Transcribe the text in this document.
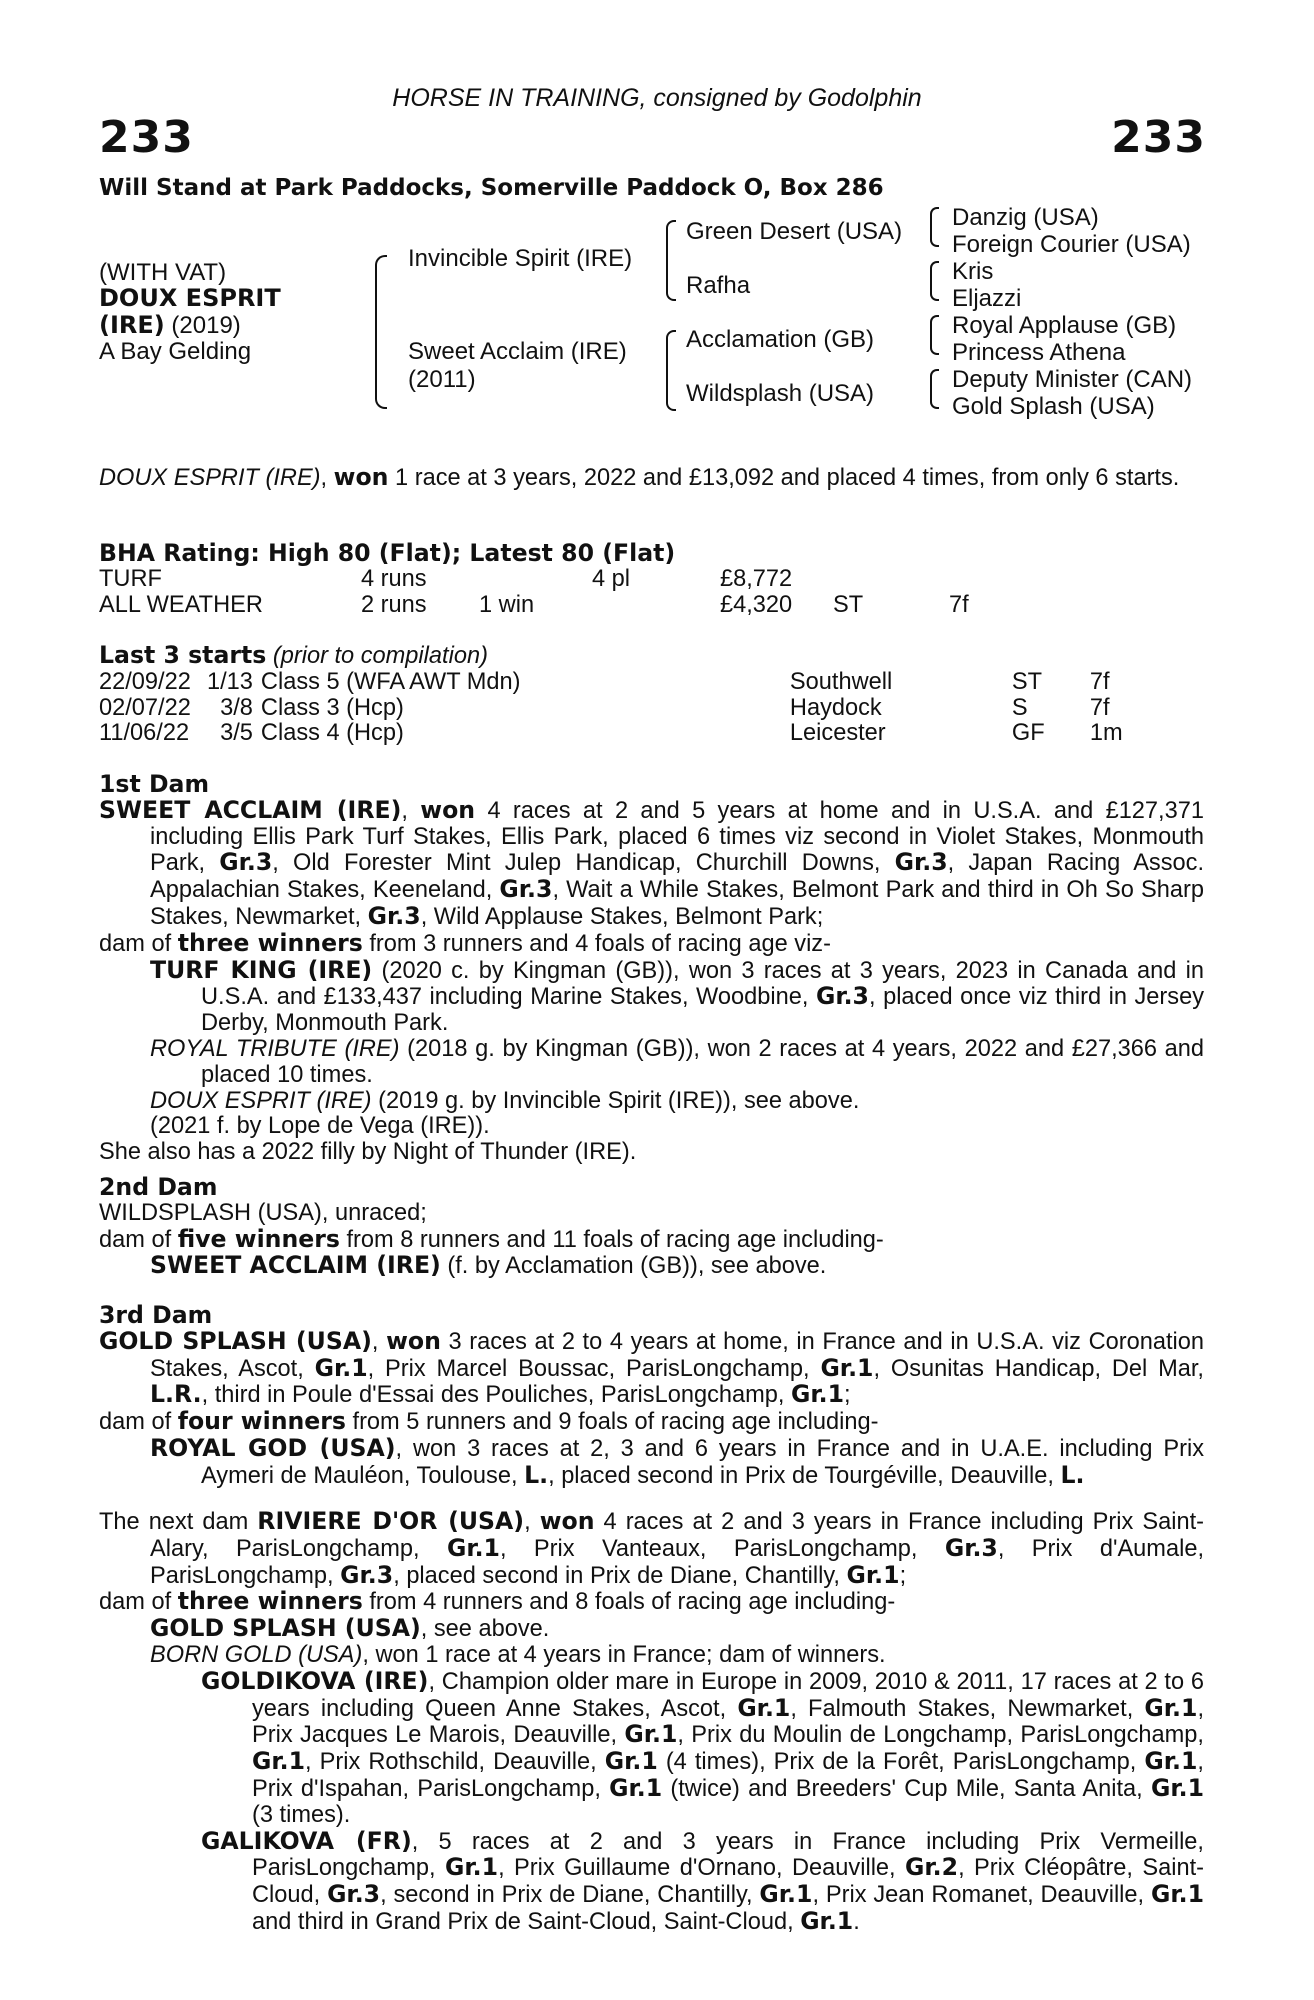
HORSE IN TRAINING, consigned by Godolphin
233	233
Will Stand at Park Paddocks, Somerville Paddock O, Box 286
(WITH VAT)
DOUX ESPRIT
(IRE) (2019)
A Bay Gelding
Invincible Spirit (IRE)
Sweet Acclaim (IRE)
(2011)
Green Desert (USA)
Rafha
Acclamation (GB)
Wildsplash (USA)
Danzig (USA)
Foreign Courier (USA)
Kris
Eljazzi
Royal Applause (GB)
Princess Athena
Deputy Minister (CAN)
Gold Splash (USA)

DOUX ESPRIT (IRE), won 1 race at 3 years, 2022 and £13,092 and placed 4 times, from only 6 starts.

BHA Rating: High 80 (Flat); Latest 80 (Flat)
TURF	4 runs		4 pl	£8,772		
ALL WEATHER	2 runs	1 win		£4,320	ST	7f
Last 3 starts (prior to compilation)
22/09/22	1/13	Class 5 (WFA AWT Mdn)	Southwell	ST	7f
02/07/22	3/8	Class 3 (Hcp)	Haydock	S	7f
11/06/22	3/5	Class 4 (Hcp)	Leicester	GF	1m
1st Dam

SWEET ACCLAIM (IRE), won 4 races at 2 and 5 years at home and in U.S.A. and £127,371 including Ellis Park Turf Stakes, Ellis Park, placed 6 times viz second in Violet Stakes, Monmouth Park, Gr.3, Old Forester Mint Julep Handicap, Churchill Downs, Gr.3, Japan Racing Assoc. Appalachian Stakes, Keeneland, Gr.3, Wait a While Stakes, Belmont Park and third in Oh So Sharp Stakes, Newmarket, Gr.3, Wild Applause Stakes, Belmont Park;

dam of three winners from 3 runners and 4 foals of racing age viz-

TURF KING (IRE) (2020 c. by Kingman (GB)), won 3 races at 3 years, 2023 in Canada and in U.S.A. and £133,437 including Marine Stakes, Woodbine, Gr.3, placed once viz third in Jersey Derby, Monmouth Park.

ROYAL TRIBUTE (IRE) (2018 g. by Kingman (GB)), won 2 races at 4 years, 2022 and £27,366 and placed 10 times.

DOUX ESPRIT (IRE) (2019 g. by Invincible Spirit (IRE)), see above.

(2021 f. by Lope de Vega (IRE)).

She also has a 2022 filly by Night of Thunder (IRE).

2nd Dam

WILDSPLASH (USA), unraced;

dam of five winners from 8 runners and 11 foals of racing age including-

SWEET ACCLAIM (IRE) (f. by Acclamation (GB)), see above.

3rd Dam

GOLD SPLASH (USA), won 3 races at 2 to 4 years at home, in France and in U.S.A. viz Coronation Stakes, Ascot, Gr.1, Prix Marcel Boussac, ParisLongchamp, Gr.1, Osunitas Handicap, Del Mar, L.R., third in Poule d'Essai des Pouliches, ParisLongchamp, Gr.1;

dam of four winners from 5 runners and 9 foals of racing age including-

ROYAL GOD (USA), won 3 races at 2, 3 and 6 years in France and in U.A.E. including Prix Aymeri de Mauléon, Toulouse, L., placed second in Prix de Tourgéville, Deauville, L.

The next dam RIVIERE D'OR (USA), won 4 races at 2 and 3 years in France including Prix Saint-Alary, ParisLongchamp, Gr.1, Prix Vanteaux, ParisLongchamp, Gr.3, Prix d'Aumale, ParisLongchamp, Gr.3, placed second in Prix de Diane, Chantilly, Gr.1;

dam of three winners from 4 runners and 8 foals of racing age including-

GOLD SPLASH (USA), see above.

BORN GOLD (USA), won 1 race at 4 years in France; dam of winners.

GOLDIKOVA (IRE), Champion older mare in Europe in 2009, 2010 & 2011, 17 races at 2 to 6 years including Queen Anne Stakes, Ascot, Gr.1, Falmouth Stakes, Newmarket, Gr.1, Prix Jacques Le Marois, Deauville, Gr.1, Prix du Moulin de Longchamp, ParisLongchamp, Gr.1, Prix Rothschild, Deauville, Gr.1 (4 times), Prix de la Forêt, ParisLongchamp, Gr.1, Prix d'Ispahan, ParisLongchamp, Gr.1 (twice) and Breeders' Cup Mile, Santa Anita, Gr.1 (3 times).

GALIKOVA (FR), 5 races at 2 and 3 years in France including Prix Vermeille, ParisLongchamp, Gr.1, Prix Guillaume d'Ornano, Deauville, Gr.2, Prix Cléopâtre, Saint-Cloud, Gr.3, second in Prix de Diane, Chantilly, Gr.1, Prix Jean Romanet, Deauville, Gr.1 and third in Grand Prix de Saint-Cloud, Saint-Cloud, Gr.1.
